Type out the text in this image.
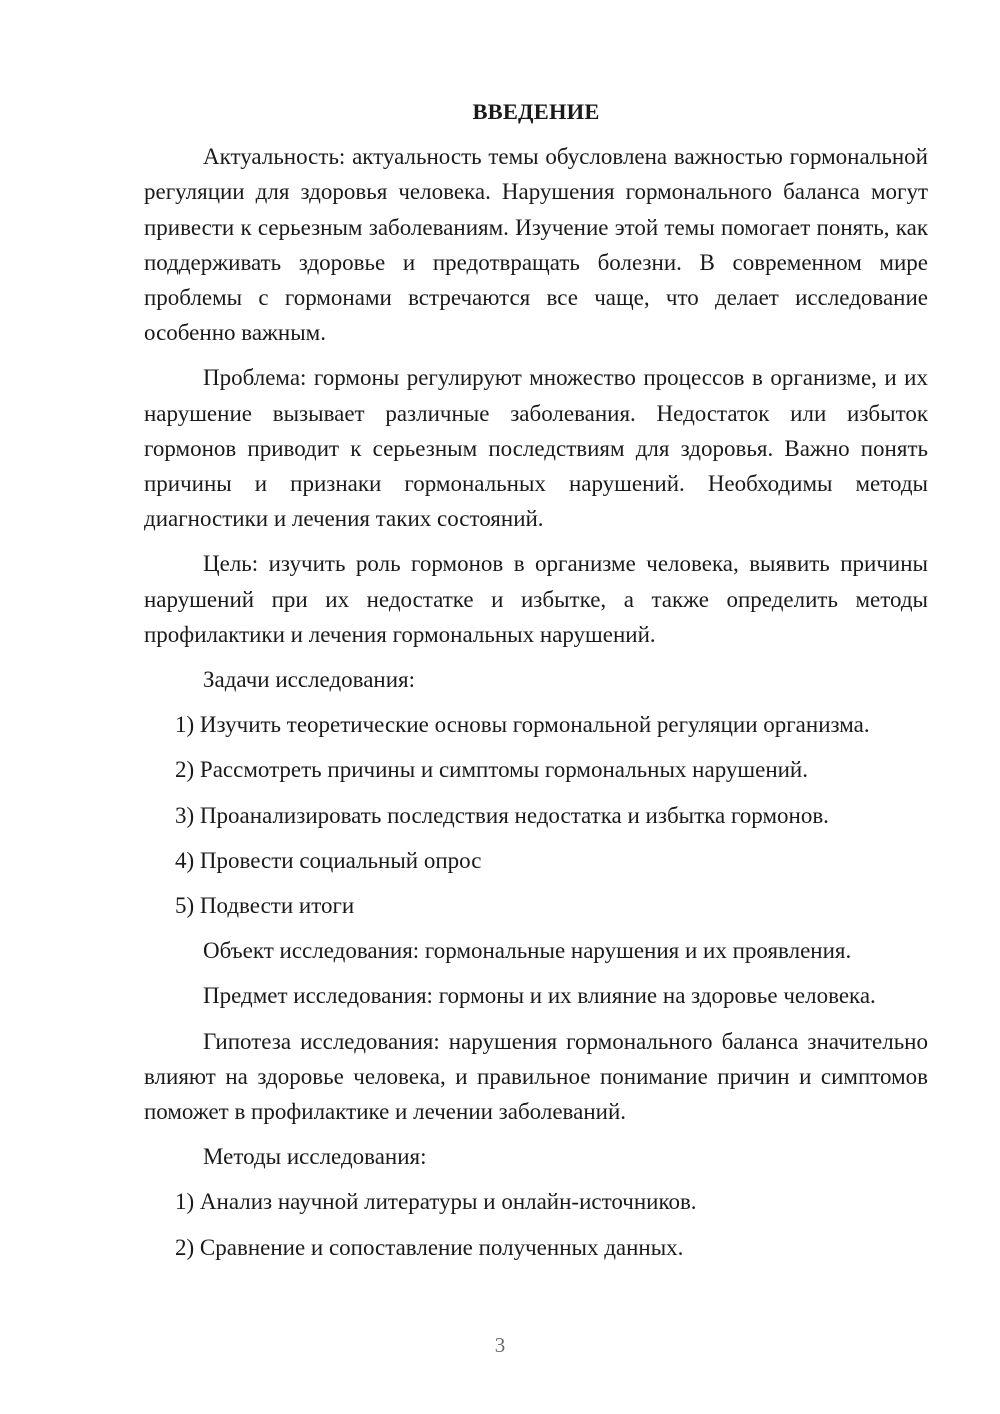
ВВЕДЕНИЕ

Актуальность: актуальность темы обусловлена важностью гормональной регуляции для здоровья человека. Нарушения гормонального баланса могут привести к серьезным заболеваниям. Изучение этой темы помогает понять, как поддерживать здоровье и предотвращать болезни. В современном мире проблемы с гормонами встречаются все чаще, что делает исследование особенно важным.

Проблема: гормоны регулируют множество процессов в организме, и их нарушение вызывает различные заболевания. Недостаток или избыток гормонов приводит к серьезным последствиям для здоровья. Важно понять причины и признаки гормональных нарушений. Необходимы методы диагностики и лечения таких состояний.

Цель: изучить роль гормонов в организме человека, выявить причины нарушений при их недостатке и избытке, а также определить методы профилактики и лечения гормональных нарушений.

Задачи исследования:

1) Изучить теоретические основы гормональной регуляции организма.
2) Рассмотреть причины и симптомы гормональных нарушений.
3) Проанализировать последствия недостатка и избытка гормонов.
4) Провести социальный опрос
5) Подвести итоги

Объект исследования: гормональные нарушения и их проявления.

Предмет исследования: гормоны и их влияние на здоровье человека.

Гипотеза исследования: нарушения гормонального баланса значительно влияют на здоровье человека, и правильное понимание причин и симптомов поможет в профилактике и лечении заболеваний.

Методы исследования:

1) Анализ научной литературы и онлайн-источников.
2) Сравнение и сопоставление полученных данных.
3
